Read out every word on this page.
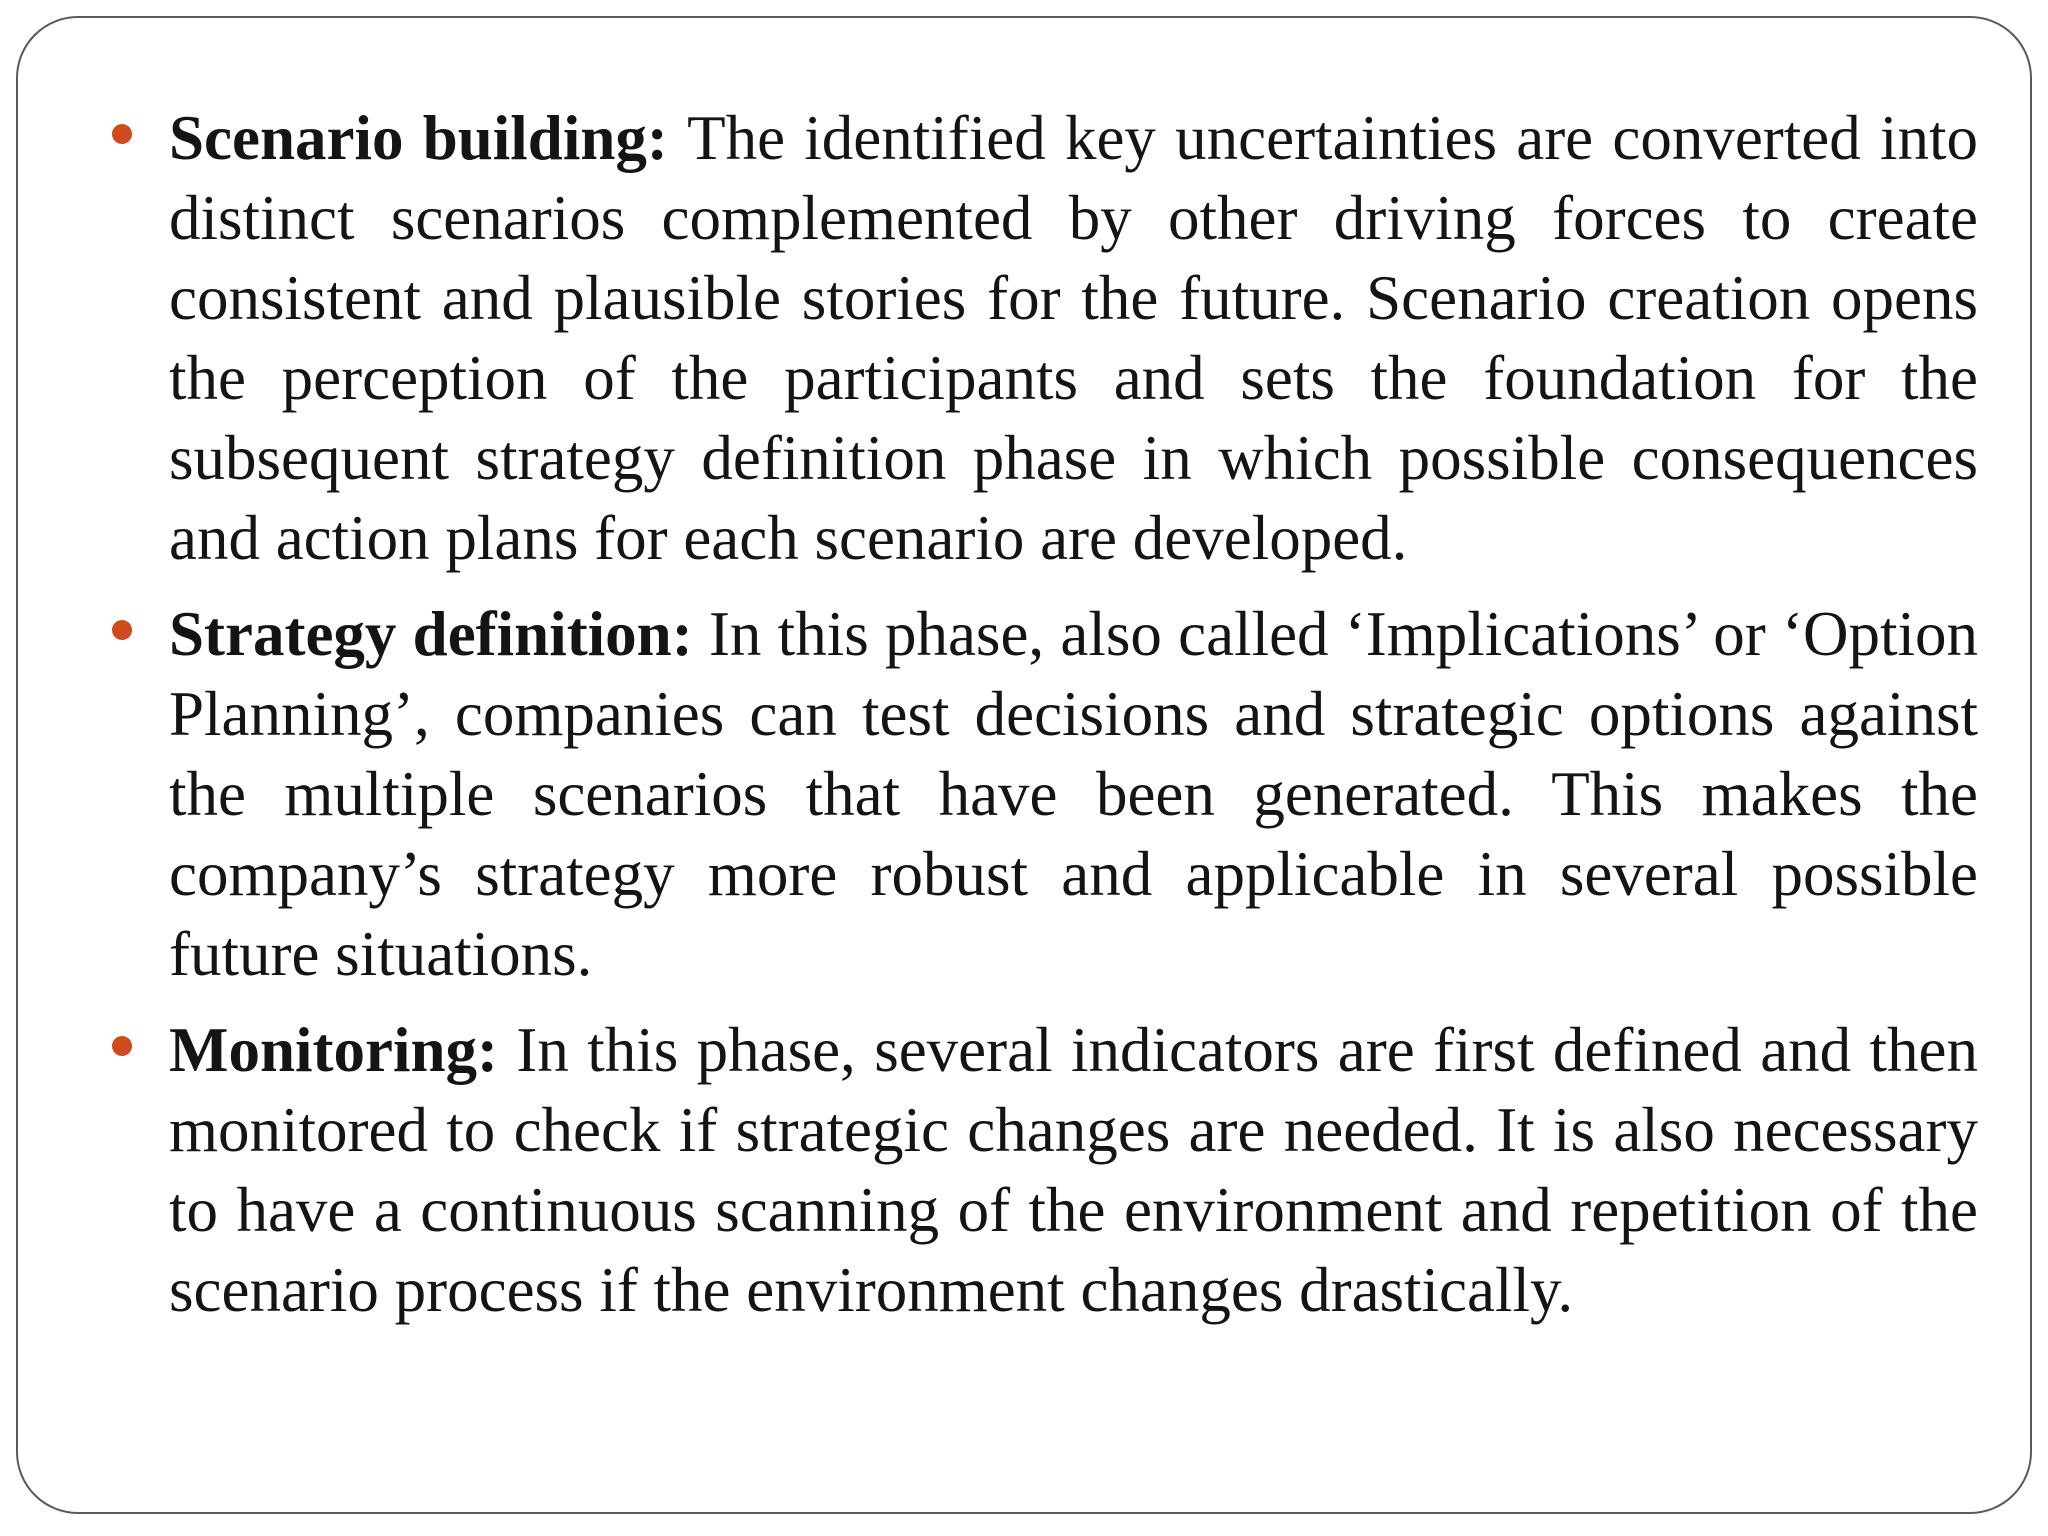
Scenario building: The identified key uncertainties are converted into distinct scenarios complemented by other driving forces to create consistent and plausible stories for the future. Scenario creation opens the perception of the participants and sets the foundation for the subsequent strategy definition phase in which possible consequences and action plans for each scenario are developed.

Strategy definition: In this phase, also called ‘Implications’ or ‘Option Planning’, companies can test decisions and strategic options against the multiple scenarios that have been generated. This makes the company’s strategy more robust and applicable in several possible future situations.

Monitoring: In this phase, several indicators are first defined and then monitored to check if strategic changes are needed. It is also necessary to have a continuous scanning of the environment and repetition of the scenario process if the environment changes drastically.
